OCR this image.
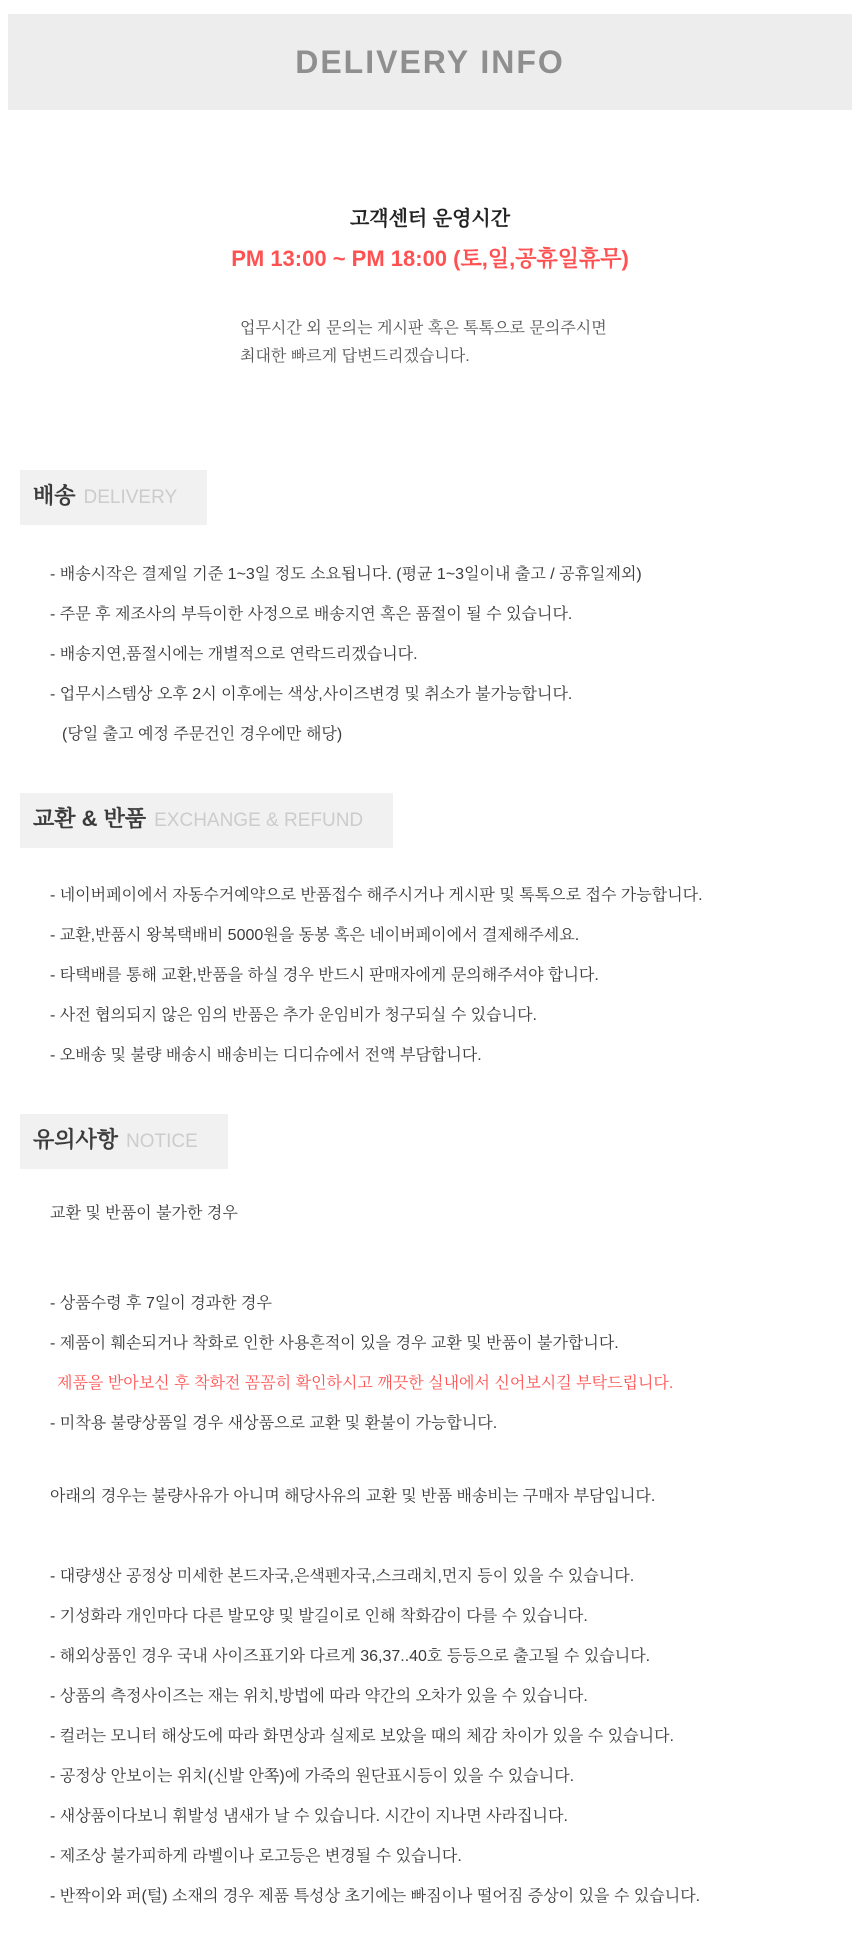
DELIVERY INFO
고객센터 운영시간
PM 13:00 ~ PM 18:00 (토,일,공휴일휴무)
업무시간 외 문의는 게시판 혹은 톡톡으로 문의주시면
최대한 빠르게 답변드리겠습니다.
배송 DELIVERY

- 배송시작은 결제일 기준 1~3일 정도 소요됩니다. (평균 1~3일이내 출고 / 공휴일제외)

- 주문 후 제조사의 부득이한 사정으로 배송지연 혹은 품절이 될 수 있습니다.

- 배송지연,품절시에는 개별적으로 연락드리겠습니다.

- 업무시스템상 오후 2시 이후에는 색상,사이즈변경 및 취소가 불가능합니다.

(당일 출고 예정 주문건인 경우에만 해당)

교환 & 반품 EXCHANGE & REFUND

- 네이버페이에서 자동수거예약으로 반품접수 해주시거나 게시판 및 톡톡으로 접수 가능합니다.

- 교환,반품시 왕복택배비 5000원을 동봉 혹은 네이버페이에서 결제해주세요.

- 타택배를 통해 교환,반품을 하실 경우 반드시 판매자에게 문의해주셔야 합니다.

- 사전 협의되지 않은 임의 반품은 추가 운임비가 청구되실 수 있습니다.

- 오배송 및 불량 배송시 배송비는 디디슈에서 전액 부담합니다.

유의사항 NOTICE

교환 및 반품이 불가한 경우

- 상품수령 후 7일이 경과한 경우

- 제품이 훼손되거나 착화로 인한 사용흔적이 있을 경우 교환 및 반품이 불가합니다.

제품을 받아보신 후 착화전 꼼꼼히 확인하시고 깨끗한 실내에서 신어보시길 부탁드립니다.

- 미착용 불량상품일 경우 새상품으로 교환 및 환불이 가능합니다.

아래의 경우는 불량사유가 아니며 해당사유의 교환 및 반품 배송비는 구매자 부담입니다.

- 대량생산 공정상 미세한 본드자국,은색펜자국,스크래치,먼지 등이 있을 수 있습니다.

- 기성화라 개인마다 다른 발모양 및 발길이로 인해 착화감이 다를 수 있습니다.

- 해외상품인 경우 국내 사이즈표기와 다르게 36,37..40호 등등으로 출고될 수 있습니다.

- 상품의 측정사이즈는 재는 위치,방법에 따라 약간의 오차가 있을 수 있습니다.

- 컬러는 모니터 해상도에 따라 화면상과 실제로 보았을 때의 체감 차이가 있을 수 있습니다.

- 공정상 안보이는 위치(신발 안쪽)에 가죽의 원단표시등이 있을 수 있습니다.

- 새상품이다보니 휘발성 냄새가 날 수 있습니다. 시간이 지나면 사라집니다.

- 제조상 불가피하게 라벨이나 로고등은 변경될 수 있습니다.

- 반짝이와 퍼(털) 소재의 경우 제품 특성상 초기에는 빠짐이나 떨어짐 증상이 있을 수 있습니다.
